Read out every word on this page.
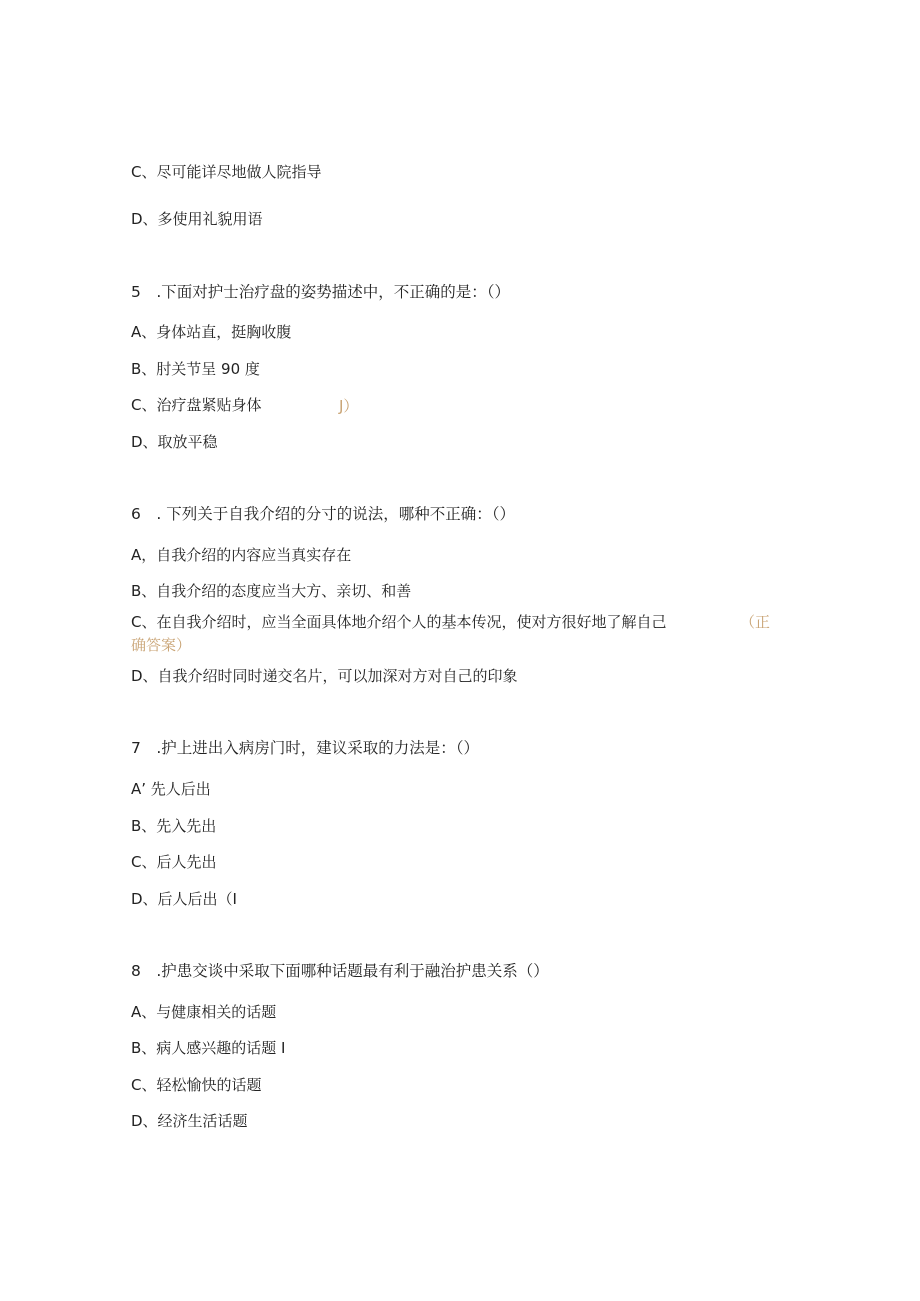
C、尽可能详尽地做人院指导
D、多使用礼貌用语
5　.下面对护士治疗盘的姿势描述中，不正确的是：（）
A、身体站直，挺胸收腹
B、肘关节呈 90 度
C、治疗盘紧贴身体	J）
D、取放平稳
6　. 下列关于自我介绍的分寸的说法，哪种不正确：（）
A，自我介绍的内容应当真实存在
B、自我介绍的态度应当大方、亲切、和善
C、在自我介绍时，应当全面具体地介绍个人的基本传况，使对方很好地了解自己	（正
确答案）
D、自我介绍时同时递交名片，可以加深对方对自己的印象
7　.护上进出入病房门时，建议采取的力法是：（）
A’ 先人后出
B、先入先出
C、后人先出
D、后人后出（I
8　.护患交谈中采取下面哪种话题最有利于融治护患关系（）
A、与健康相关的话题
B、病人感兴趣的话题 I
C、轻松愉快的话题
D、经济生活话题
